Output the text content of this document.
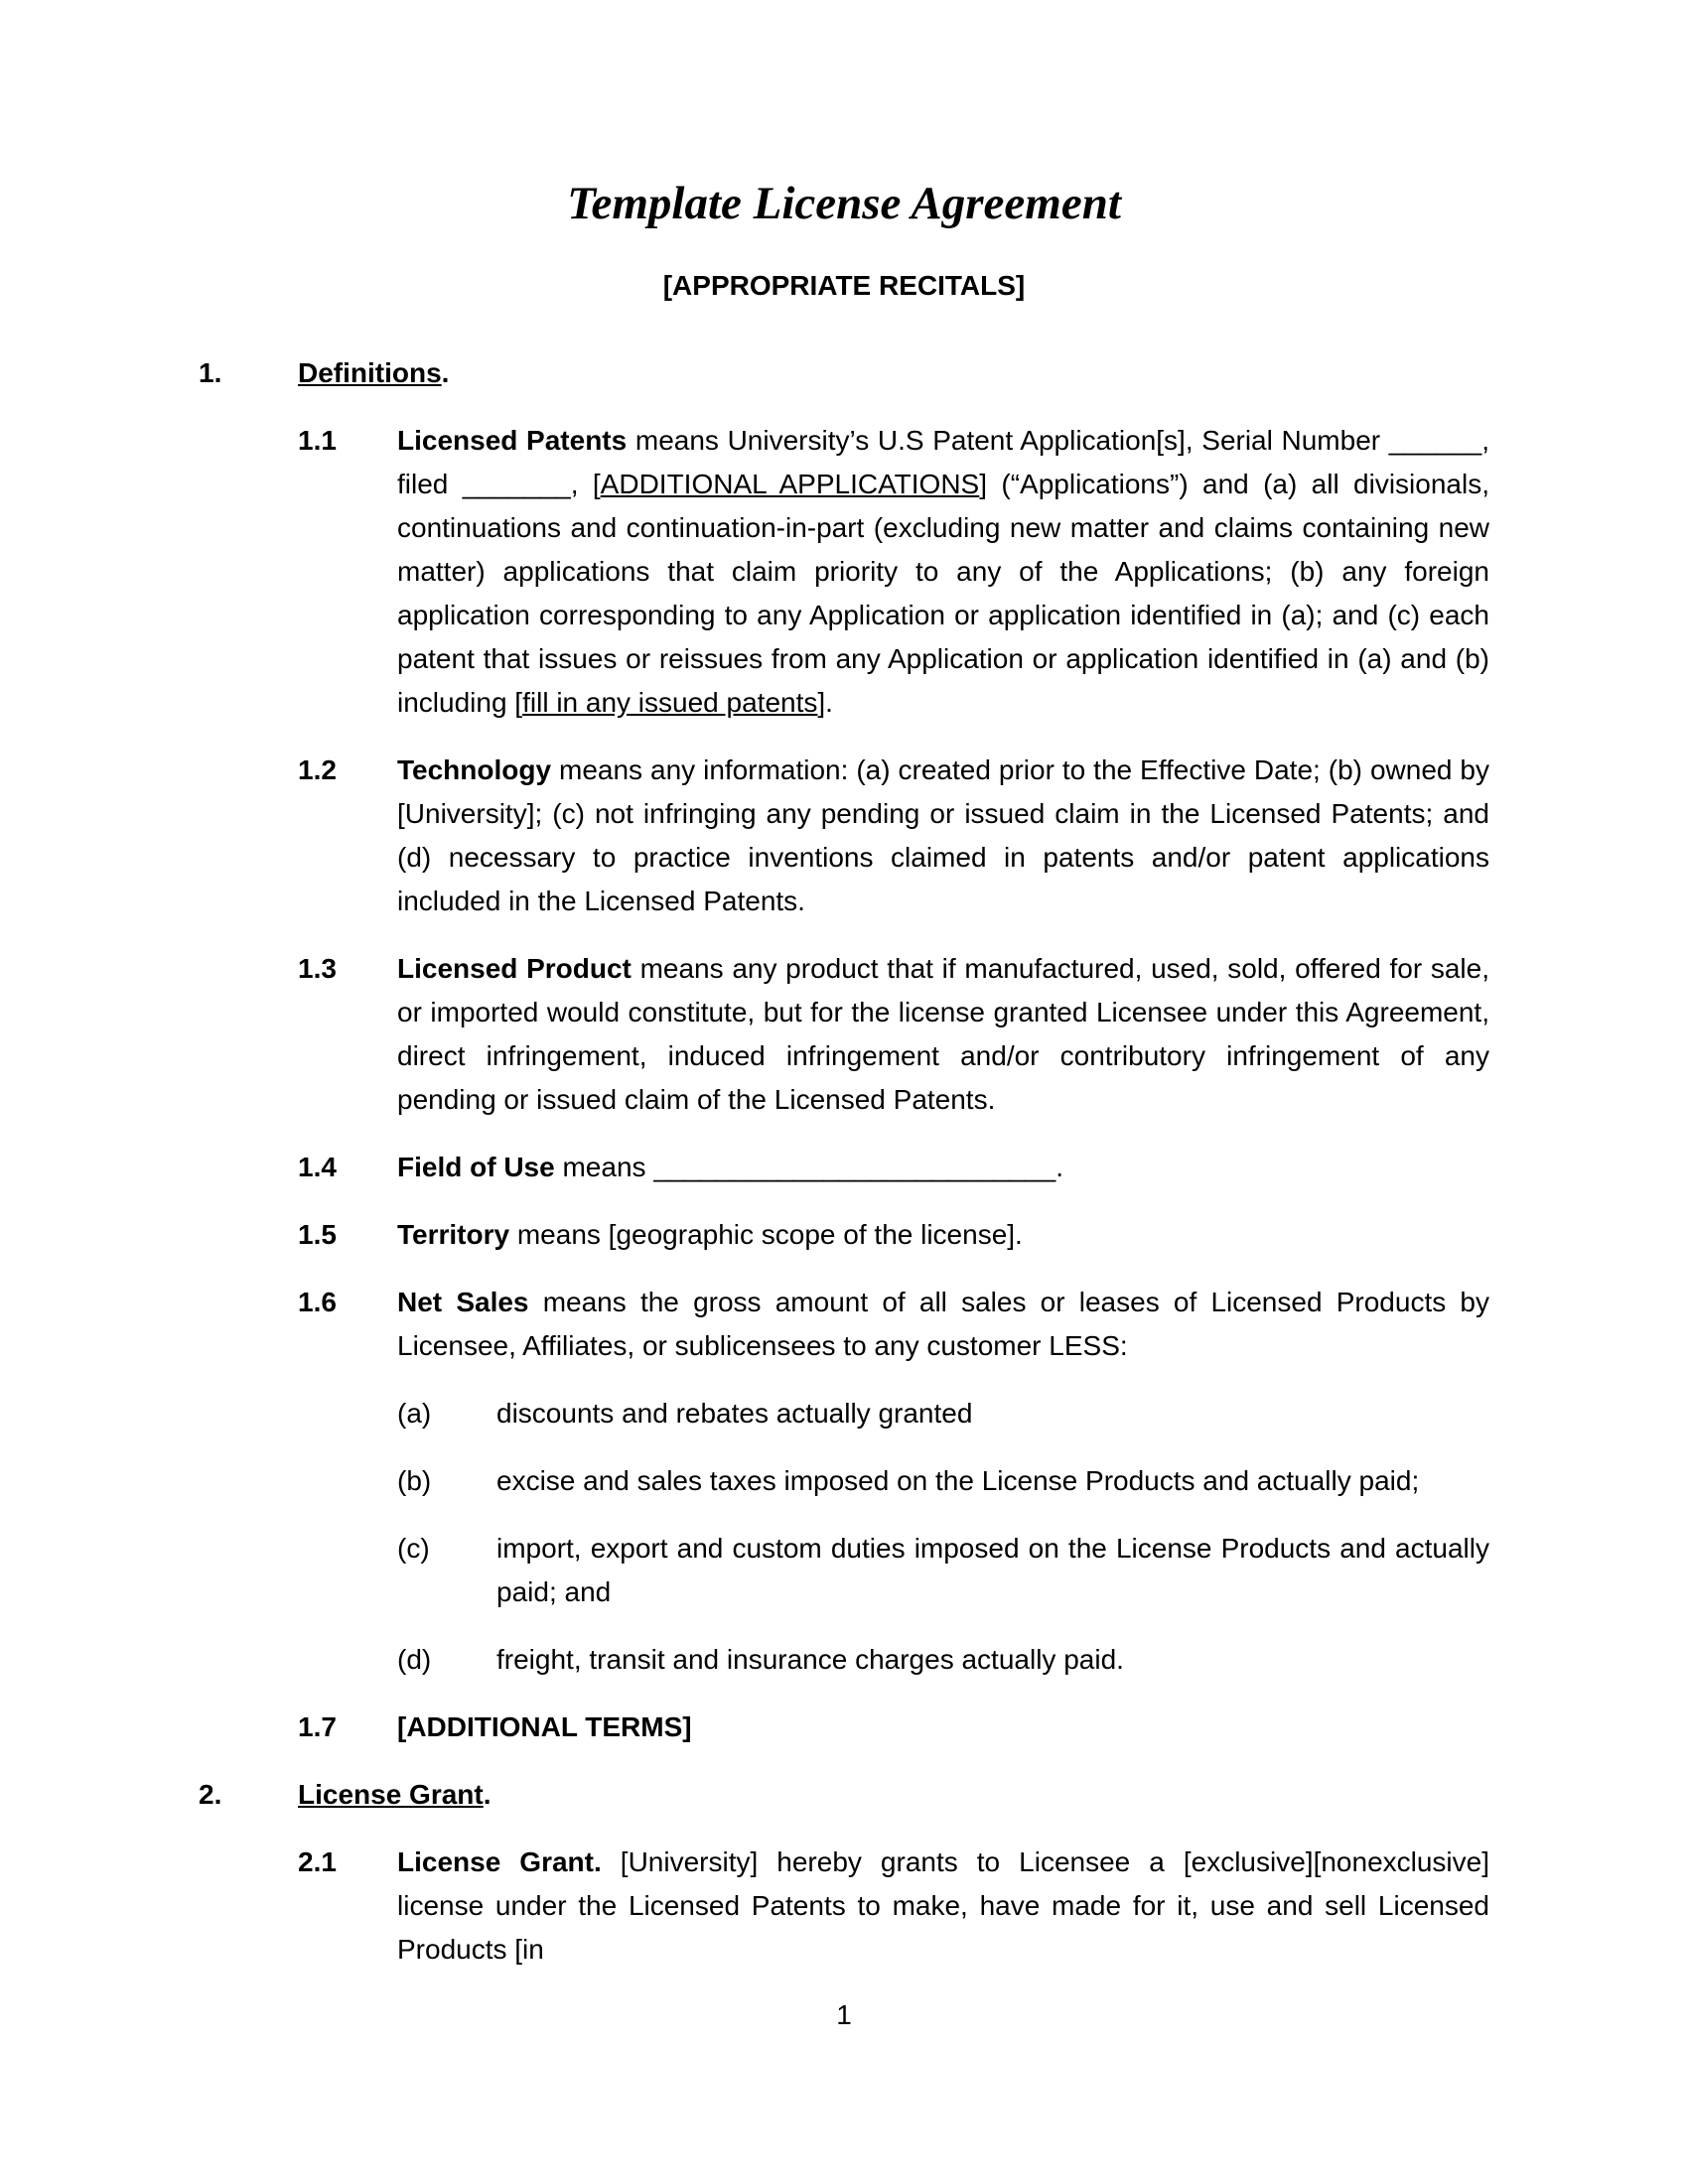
Template License Agreement
[APPROPRIATE RECITALS]
1.	Definitions.
1.1	Licensed Patents means University’s U.S Patent Application[s], Serial Number ______, filed _______, [ADDITIONAL APPLICATIONS] (“Applications”) and (a) all divisionals, continuations and continuation-in-part (excluding new matter and claims containing new matter) applications that claim priority to any of the Applications; (b) any foreign application corresponding to any Application or application identified in (a); and (c) each patent that issues or reissues from any Application or application identified in (a) and (b) including [fill in any issued patents].
1.2	Technology means any information: (a) created prior to the Effective Date; (b) owned by [University]; (c) not infringing any pending or issued claim in the Licensed Patents; and (d) necessary to practice inventions claimed in patents and/or patent applications included in the Licensed Patents.
1.3	Licensed Product means any product that if manufactured, used, sold, offered for sale, or imported would constitute, but for the license granted Licensee under this Agreement, direct infringement, induced infringement and/or contributory infringement of any pending or issued claim of the Licensed Patents.
1.4	Field of Use means __________________________.
1.5	Territory means [geographic scope of the license].
1.6	Net Sales means the gross amount of all sales or leases of Licensed Products by Licensee, Affiliates, or sublicensees to any customer LESS:
(a)	discounts and rebates actually granted
(b)	excise and sales taxes imposed on the License Products and actually paid;
(c)	import, export and custom duties imposed on the License Products and actually paid; and
(d)	freight, transit and insurance charges actually paid.
1.7	[ADDITIONAL TERMS]
2.	License Grant.
2.1	License Grant. [University] hereby grants to Licensee a [exclusive][nonexclusive] license under the Licensed Patents to make, have made for it, use and sell Licensed Products [in
1
